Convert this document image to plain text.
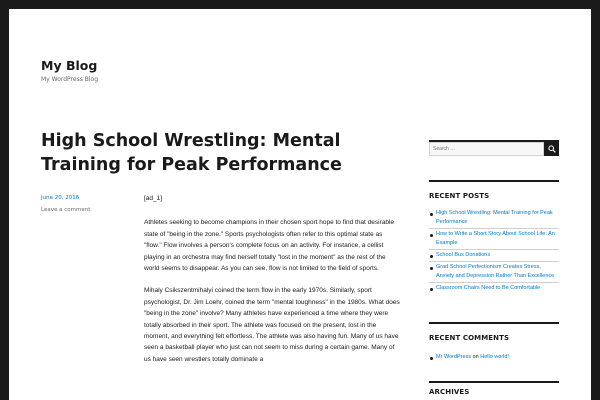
My Blog
My WordPress Blog
High School Wrestling: Mental Training for Peak Performance
June 20, 2016
Leave a comment
[ad_1]

Athletes seeking to become champions in their chosen sport hope to find that desirable state of "being in the zone." Sports psychologists often refer to this optimal state as "flow." Flow involves a person's complete focus on an activity. For instance, a cellist playing in an orchestra may find herself totally "lost in the moment" as the rest of the world seems to disappear. As you can see, flow is not limited to the field of sports.

Mihaly Csikszentmihalyi coined the term flow in the early 1970s. Similarly, sport psychologist, Dr. Jim Loehr, coined the term "mental toughness" in the 1980s. What does "being in the zone" involve? Many athletes have experienced a time where they were totally absorbed in their sport. The athlete was focused on the present, lost in the moment, and everything felt effortless. The athlete was also having fun. Many of us have seen a basketball player who just can not seem to miss during a certain game. Many of us have seen wrestlers totally dominate a

Search …
RECENT POSTS
High School Wrestling: Mental Training for Peak Performance
How to Write a Short Story About School Life: An Example
School Bus Donations
Grad School Perfectionism Creates Stress, Anxiety and Depression Rather Than Excellence
Classroom Chairs Need to Be Comfortable
RECENT COMMENTS
Mr WordPress on Hello world!
ARCHIVES
